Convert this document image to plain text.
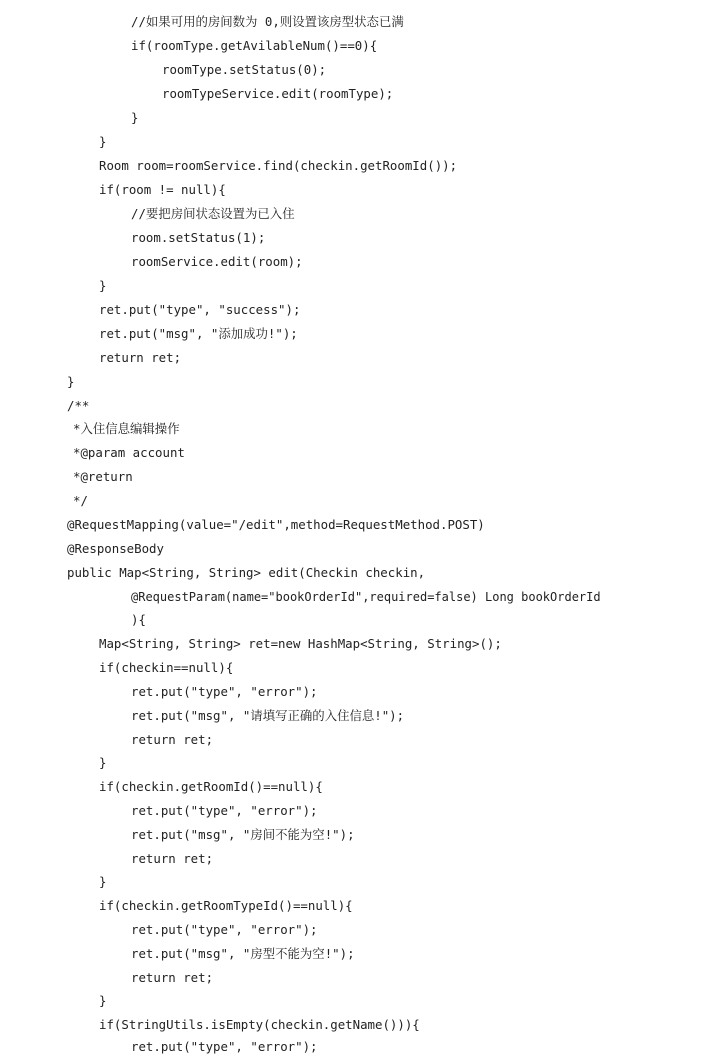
//如果可用的房间数为 0,则设置该房型状态已满
if(roomType.getAvilableNum()==0){
roomType.setStatus(0);
roomTypeService.edit(roomType);
}
}
Room room=roomService.find(checkin.getRoomId());
if(room != null){
//要把房间状态设置为已入住
room.setStatus(1);
roomService.edit(room);
}
ret.put("type", "success");
ret.put("msg", "添加成功!");
return ret;
}
/**
*入住信息编辑操作
*@param account
*@return
*/
@RequestMapping(value="/edit",method=RequestMethod.POST)
@ResponseBody
public Map<String, String> edit(Checkin checkin,
@RequestParam(name="bookOrderId",required=false) Long bookOrderId
){
Map<String, String> ret=new HashMap<String, String>();
if(checkin==null){
ret.put("type", "error");
ret.put("msg", "请填写正确的入住信息!");
return ret;
}
if(checkin.getRoomId()==null){
ret.put("type", "error");
ret.put("msg", "房间不能为空!");
return ret;
}
if(checkin.getRoomTypeId()==null){
ret.put("type", "error");
ret.put("msg", "房型不能为空!");
return ret;
}
if(StringUtils.isEmpty(checkin.getName())){
ret.put("type", "error");
